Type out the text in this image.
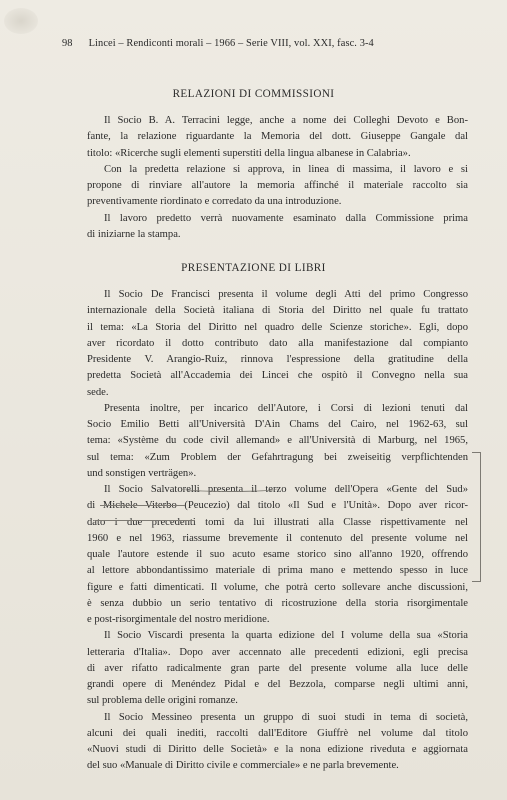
98 Lincei – Rendiconti morali – 1966 – Serie VIII, vol. XXI, fasc. 3-4
RELAZIONI DI COMMISSIONI
Il Socio B. A. Terracini legge, anche a nome dei Colleghi Devoto e Bon-
fante, la relazione riguardante la Memoria del dott. Giuseppe Gangale dal
titolo: «Ricerche sugli elementi superstiti della lingua albanese in Calabria».
Con la predetta relazione si approva, in linea di massima, il lavoro e si
propone di rinviare all'autore la memoria affinché il materiale raccolto sia
preventivamente riordinato e corredato da una introduzione.
Il lavoro predetto verrà nuovamente esaminato dalla Commissione prima
di iniziarne la stampa.
PRESENTAZIONE DI LIBRI
Il Socio De Francisci presenta il volume degli Atti del primo Congresso
internazionale della Società italiana di Storia del Diritto nel quale fu trattato
il tema: «La Storia del Diritto nel quadro delle Scienze storiche». Egli, dopo
aver ricordato il dotto contributo dato alla manifestazione dal compianto
Presidente V. Arangio-Ruiz, rinnova l'espressione della gratitudine della
predetta Società all'Accademia dei Lincei che ospitò il Convegno nella sua
sede.
Presenta inoltre, per incarico dell'Autore, i Corsi di lezioni tenuti dal
Socio Emilio Betti all'Università D'Ain Chams del Cairo, nel 1962-63, sul
tema: «Système du code civil allemand» e all'Università di Marburg, nel 1965,
sul tema: «Zum Problem der Gefahrtragung bei zweiseitig verpflichtenden
und sonstigen verträgen».
Il Socio Salvatorelli presenta il terzo volume dell'Opera «Gente del Sud»
di Michele Viterbo (Peucezio) dal titolo «Il Sud e l'Unità». Dopo aver ricor-
dato i due precedenti tomi da lui illustrati alla Classe rispettivamente nel
1960 e nel 1963, riassume brevemente il contenuto del presente volume nel
quale l'autore estende il suo acuto esame storico sino all'anno 1920, offrendo
al lettore abbondantissimo materiale di prima mano e mettendo spesso in luce
figure e fatti dimenticati. Il volume, che potrà certo sollevare anche discussioni,
è senza dubbio un serio tentativo di ricostruzione della storia risorgimentale
e post-risorgimentale del nostro meridione.
Il Socio Viscardi presenta la quarta edizione del I volume della sua «Storia
letteraria d'Italia». Dopo aver accennato alle precedenti edizioni, egli precisa
di aver rifatto radicalmente gran parte del presente volume alla luce delle
grandi opere di Menéndez Pidal e del Bezzola, comparse negli ultimi anni,
sul problema delle origini romanze.
Il Socio Messineo presenta un gruppo di suoi studi in tema di società,
alcuni dei quali inediti, raccolti dall'Editore Giuffrè nel volume dal titolo
«Nuovi studi di Diritto delle Società» e la nona edizione riveduta e aggiornata
del suo «Manuale di Diritto civile e commerciale» e ne parla brevemente.
